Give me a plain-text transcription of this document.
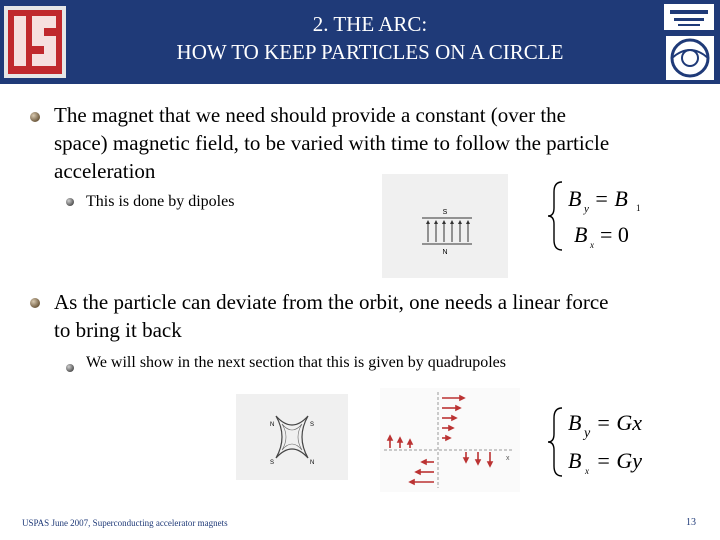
2. THE ARC:
HOW TO KEEP PARTICLES ON A CIRCLE
The magnet that we need should provide a constant (over the
space) magnetic field, to be varied with time to follow the particle
acceleration
This is done by dipoles
S
N
B y = B 1
B x = 0
As the particle can deviate from the orbit, one needs a linear force
to bring it back
We will show in the next section that this is given by quadrupoles
N	S
S	N
x
B y = Gx
B x = Gy
USPAS June 2007, Superconducting accelerator magnets	13
